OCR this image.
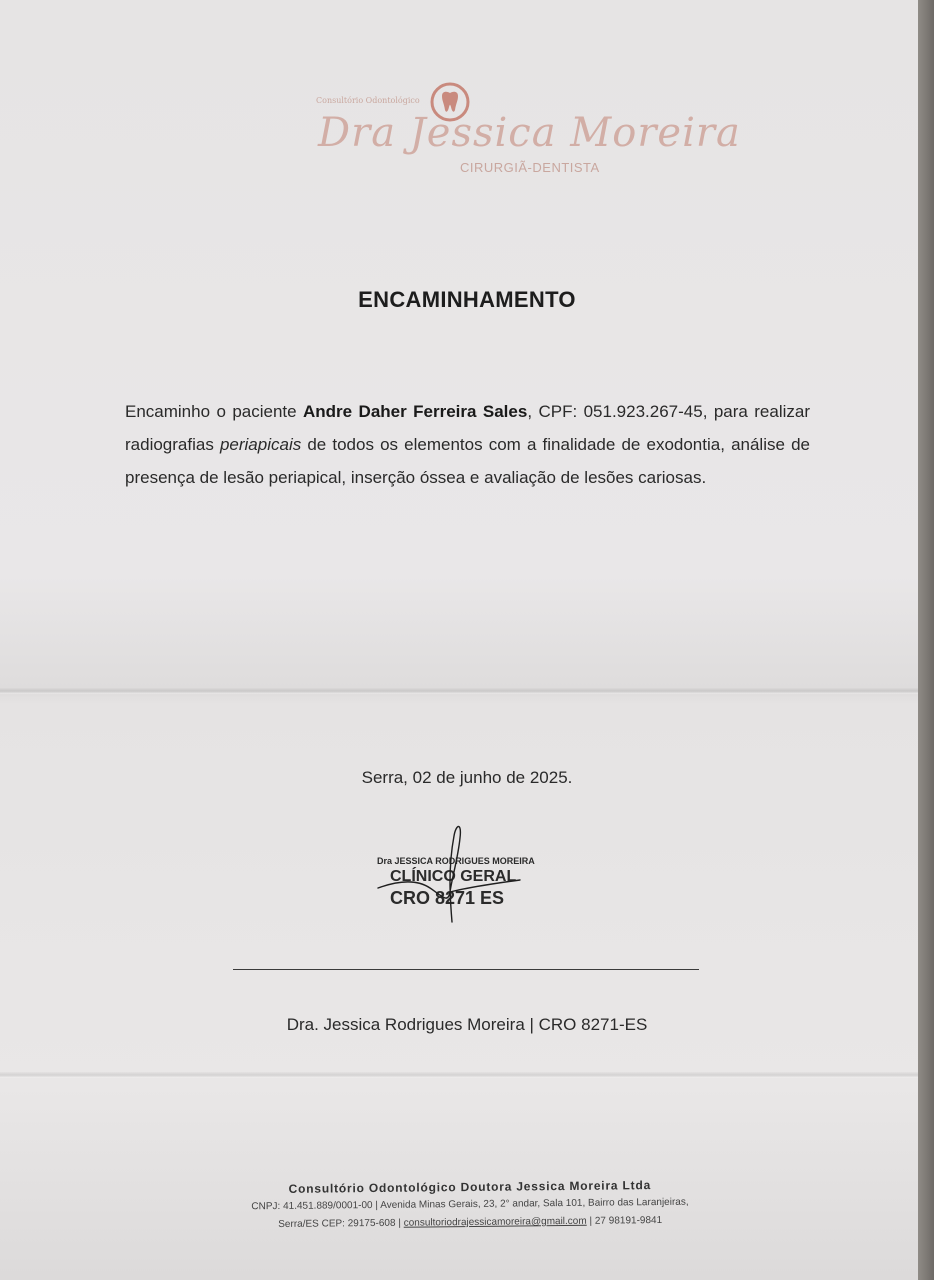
Consultório Odontológico
Dra Jessica Moreira
CIRURGIÃ-DENTISTA
ENCAMINHAMENTO

Encaminho o paciente Andre Daher Ferreira Sales, CPF: 051.923.267-45, para realizar radiografias periapicais de todos os elementos com a finalidade de exodontia, análise de presença de lesão periapical, inserção óssea e avaliação de lesões cariosas.

Serra, 02 de junho de 2025.
Dra JESSICA RODRIGUES MOREIRA
CLÍNICO GERAL
CRO 8271 ES
Dra. Jessica Rodrigues Moreira | CRO 8271-ES
Consultório Odontológico Doutora Jessica Moreira Ltda
CNPJ: 41.451.889/0001-00 | Avenida Minas Gerais, 23, 2° andar, Sala 101, Bairro das Laranjeiras,
Serra/ES CEP: 29175-608 | consultoriodrajessicamoreira@gmail.com | 27 98191-9841
